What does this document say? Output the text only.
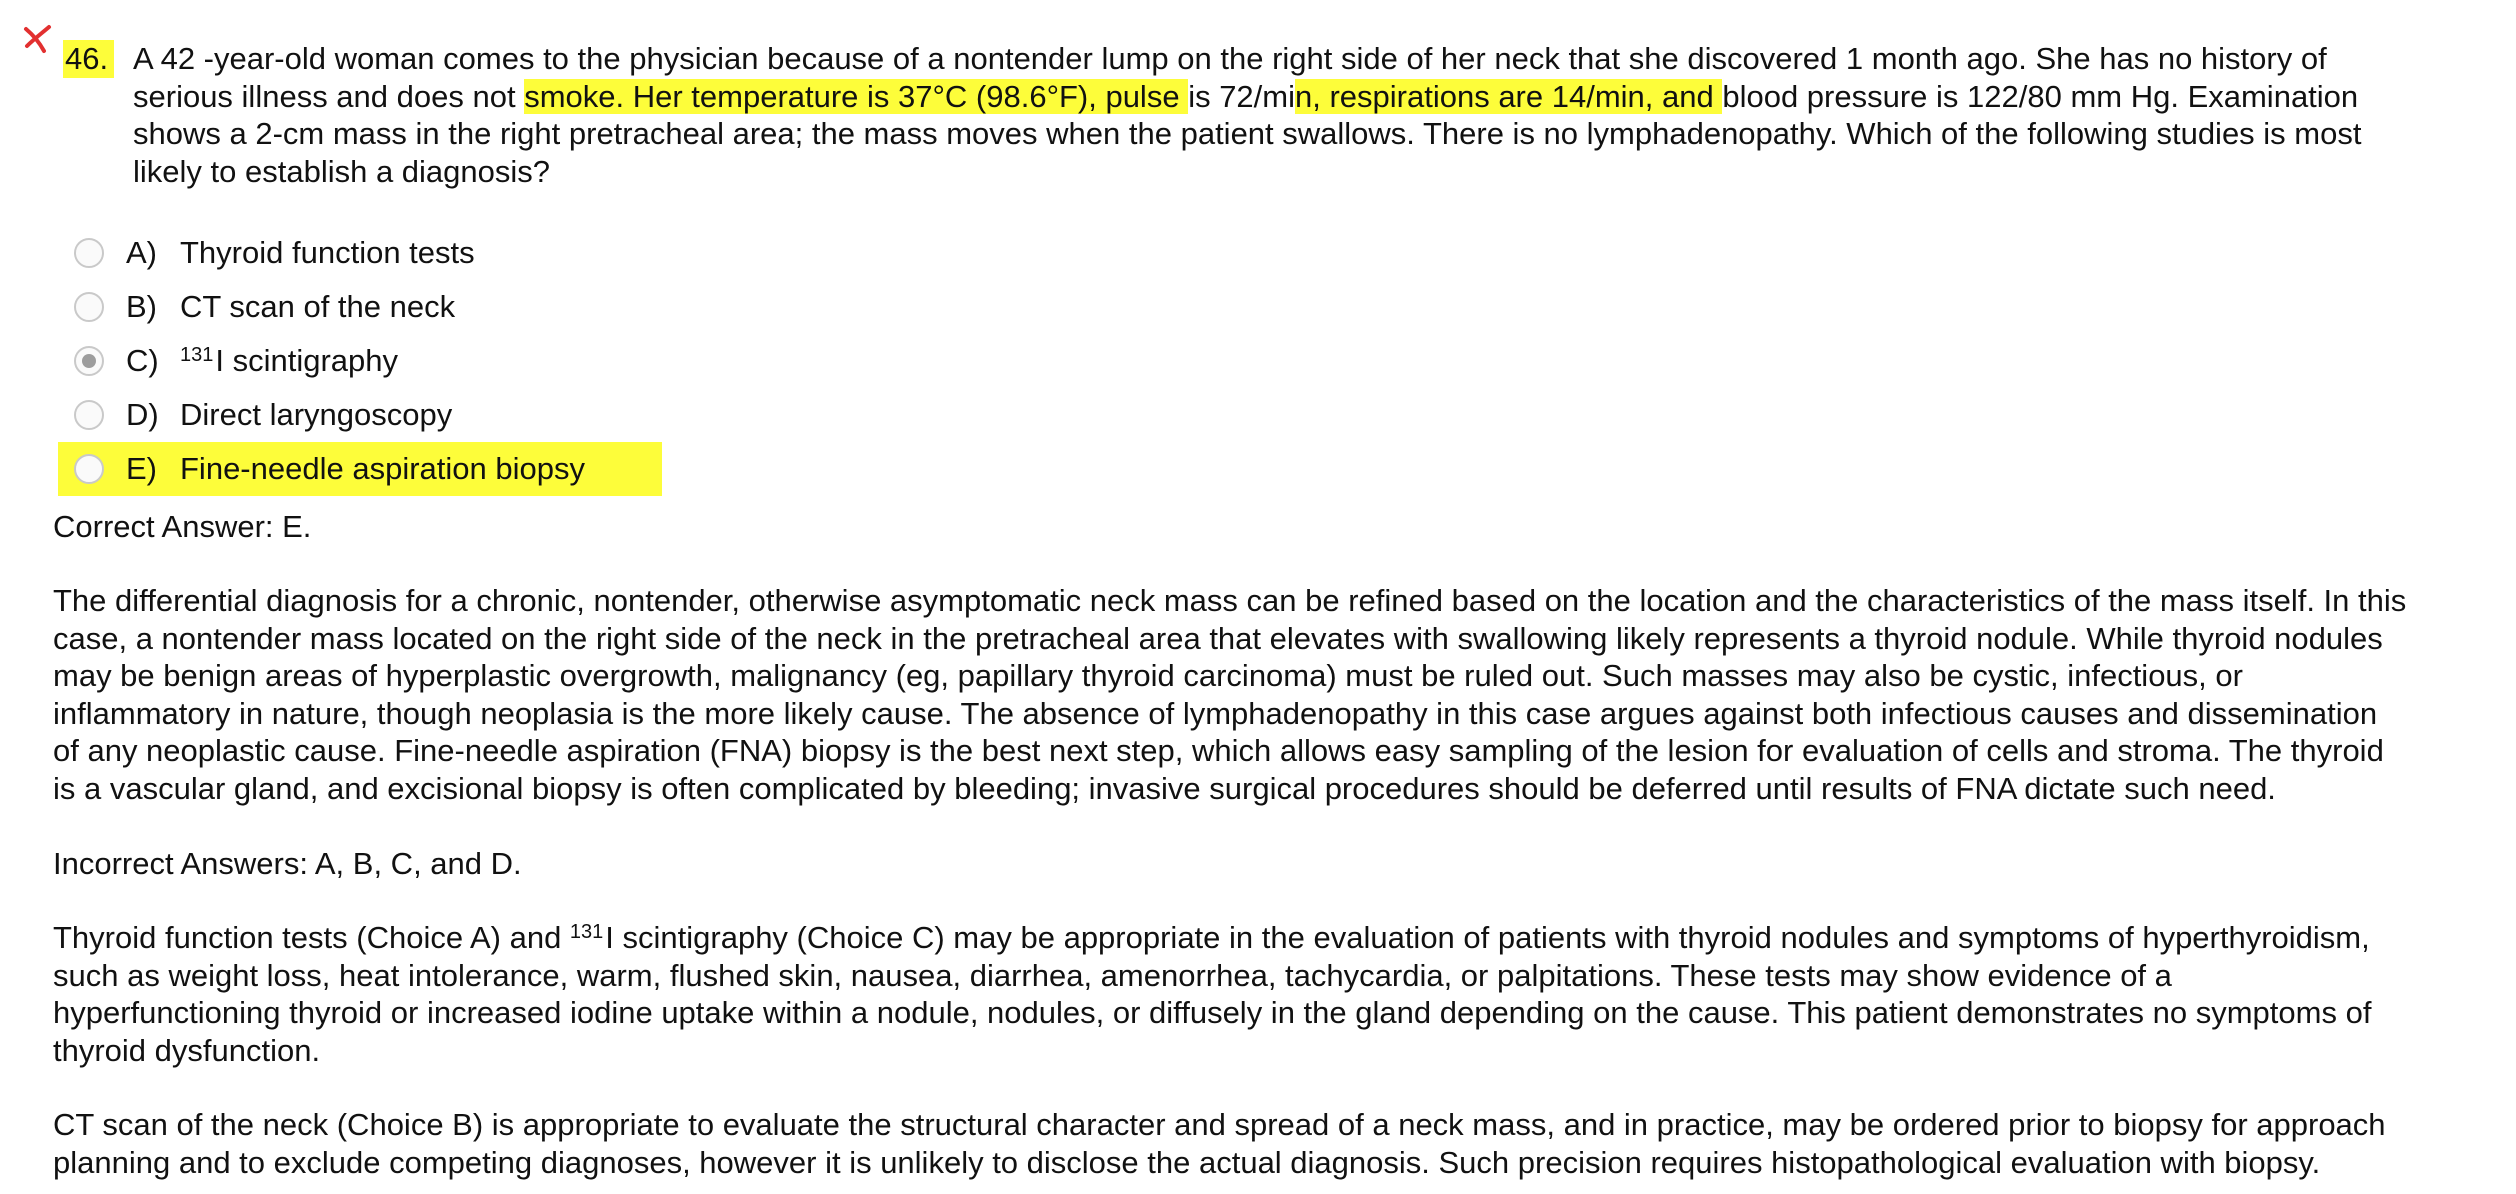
46. A 42 -year-old woman comes to the physician because of a nontender lump on the right side of her neck that she discovered 1 month ago. She has no history of
serious illness and does not smoke. Her temperature is 37°C (98.6°F), pulse is 72/min, respirations are 14/min, and blood pressure is 122/80 mm Hg. Examination
shows a 2-cm mass in the right pretracheal area; the mass moves when the patient swallows. There is no lymphadenopathy. Which of the following studies is most
likely to establish a diagnosis?
A) Thyroid function tests
B) CT scan of the neck
C)	$^{131}$I scintigraphy
D) Direct laryngoscopy
E) Fine-needle aspiration biopsy
Correct Answer: E.
The differential diagnosis for a chronic, nontender, otherwise asymptomatic neck mass can be refined based on the location and the characteristics of the mass itself. In this
case, a nontender mass located on the right side of the neck in the pretracheal area that elevates with swallowing likely represents a thyroid nodule. While thyroid nodules
may be benign areas of hyperplastic overgrowth, malignancy (eg, papillary thyroid carcinoma) must be ruled out. Such masses may also be cystic, infectious, or
inflammatory in nature, though neoplasia is the more likely cause. The absence of lymphadenopathy in this case argues against both infectious causes and dissemination
of any neoplastic cause. Fine-needle aspiration (FNA) biopsy is the best next step, which allows easy sampling of the lesion for evaluation of cells and stroma. The thyroid
is a vascular gland, and excisional biopsy is often complicated by bleeding; invasive surgical procedures should be deferred until results of FNA dictate such need.
Incorrect Answers: A, B, C, and D.
Thyroid function tests (Choice A) and $^{131}$I scintigraphy (Choice C) may be appropriate in the evaluation of patients with thyroid nodules and symptoms of hyperthyroidism,
such as weight loss, heat intolerance, warm, flushed skin, nausea, diarrhea, amenorrhea, tachycardia, or palpitations. These tests may show evidence of a
hyperfunctioning thyroid or increased iodine uptake within a nodule, nodules, or diffusely in the gland depending on the cause. This patient demonstrates no symptoms of
thyroid dysfunction.
CT scan of the neck (Choice B) is appropriate to evaluate the structural character and spread of a neck mass, and in practice, may be ordered prior to biopsy for approach
planning and to exclude competing diagnoses, however it is unlikely to disclose the actual diagnosis. Such precision requires histopathological evaluation with biopsy.
